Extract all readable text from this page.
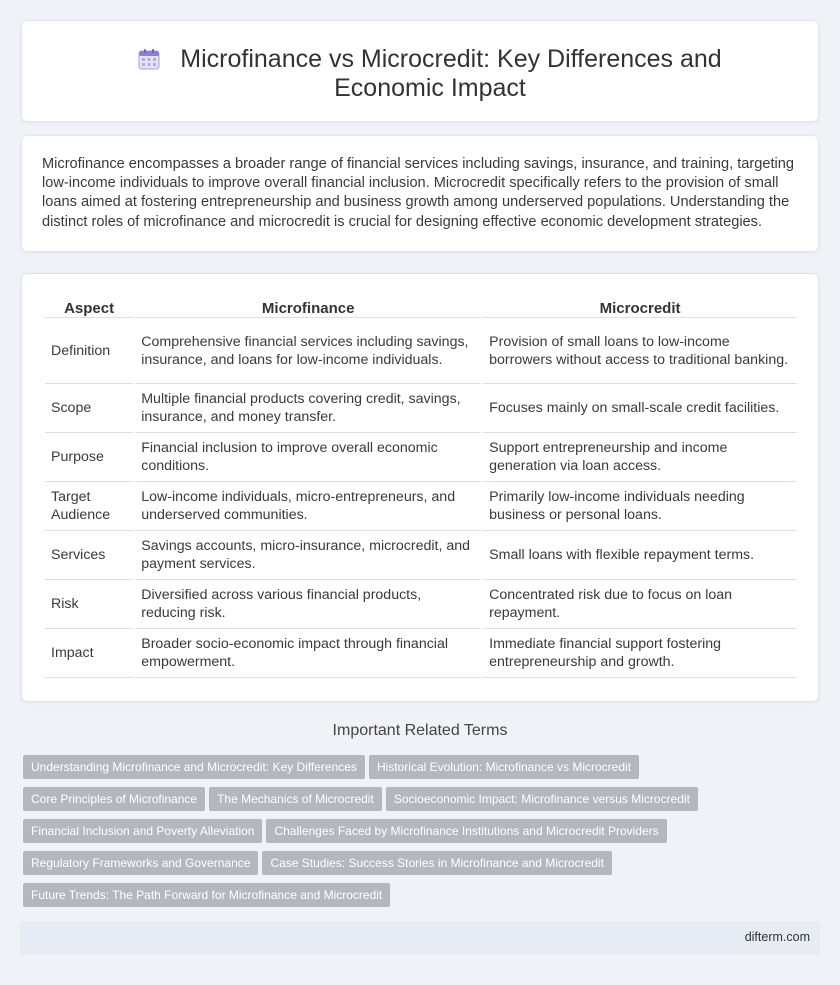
Microfinance vs Microcredit: Key Differences and Economic Impact

Microfinance encompasses a broader range of financial services including savings, insurance, and training, targeting low-income individuals to improve overall financial inclusion. Microcredit specifically refers to the provision of small loans aimed at fostering entrepreneurship and business growth among underserved populations. Understanding the distinct roles of microfinance and microcredit is crucial for designing effective economic development strategies.

Aspect	Microfinance	Microcredit
Definition	Comprehensive financial services including savings, insurance, and loans for low-income individuals.	Provision of small loans to low-income borrowers without access to traditional banking.
Scope	Multiple financial products covering credit, savings, insurance, and money transfer.	Focuses mainly on small-scale credit facilities.
Purpose	Financial inclusion to improve overall economic conditions.	Support entrepreneurship and income generation via loan access.
Target Audience	Low-income individuals, micro-entrepreneurs, and underserved communities.	Primarily low-income individuals needing business or personal loans.
Services	Savings accounts, micro-insurance, microcredit, and payment services.	Small loans with flexible repayment terms.
Risk	Diversified across various financial products, reducing risk.	Concentrated risk due to focus on loan repayment.
Impact	Broader socio-economic impact through financial empowerment.	Immediate financial support fostering entrepreneurship and growth.
Important Related Terms
Understanding Microfinance and Microcredit: Key Differences Historical Evolution: Microfinance vs Microcredit
Core Principles of Microfinance The Mechanics of Microcredit Socioeconomic Impact: Microfinance versus Microcredit
Financial Inclusion and Poverty Alleviation Challenges Faced by Microfinance Institutions and Microcredit Providers
Regulatory Frameworks and Governance Case Studies: Success Stories in Microfinance and Microcredit
Future Trends: The Path Forward for Microfinance and Microcredit
difterm.com
